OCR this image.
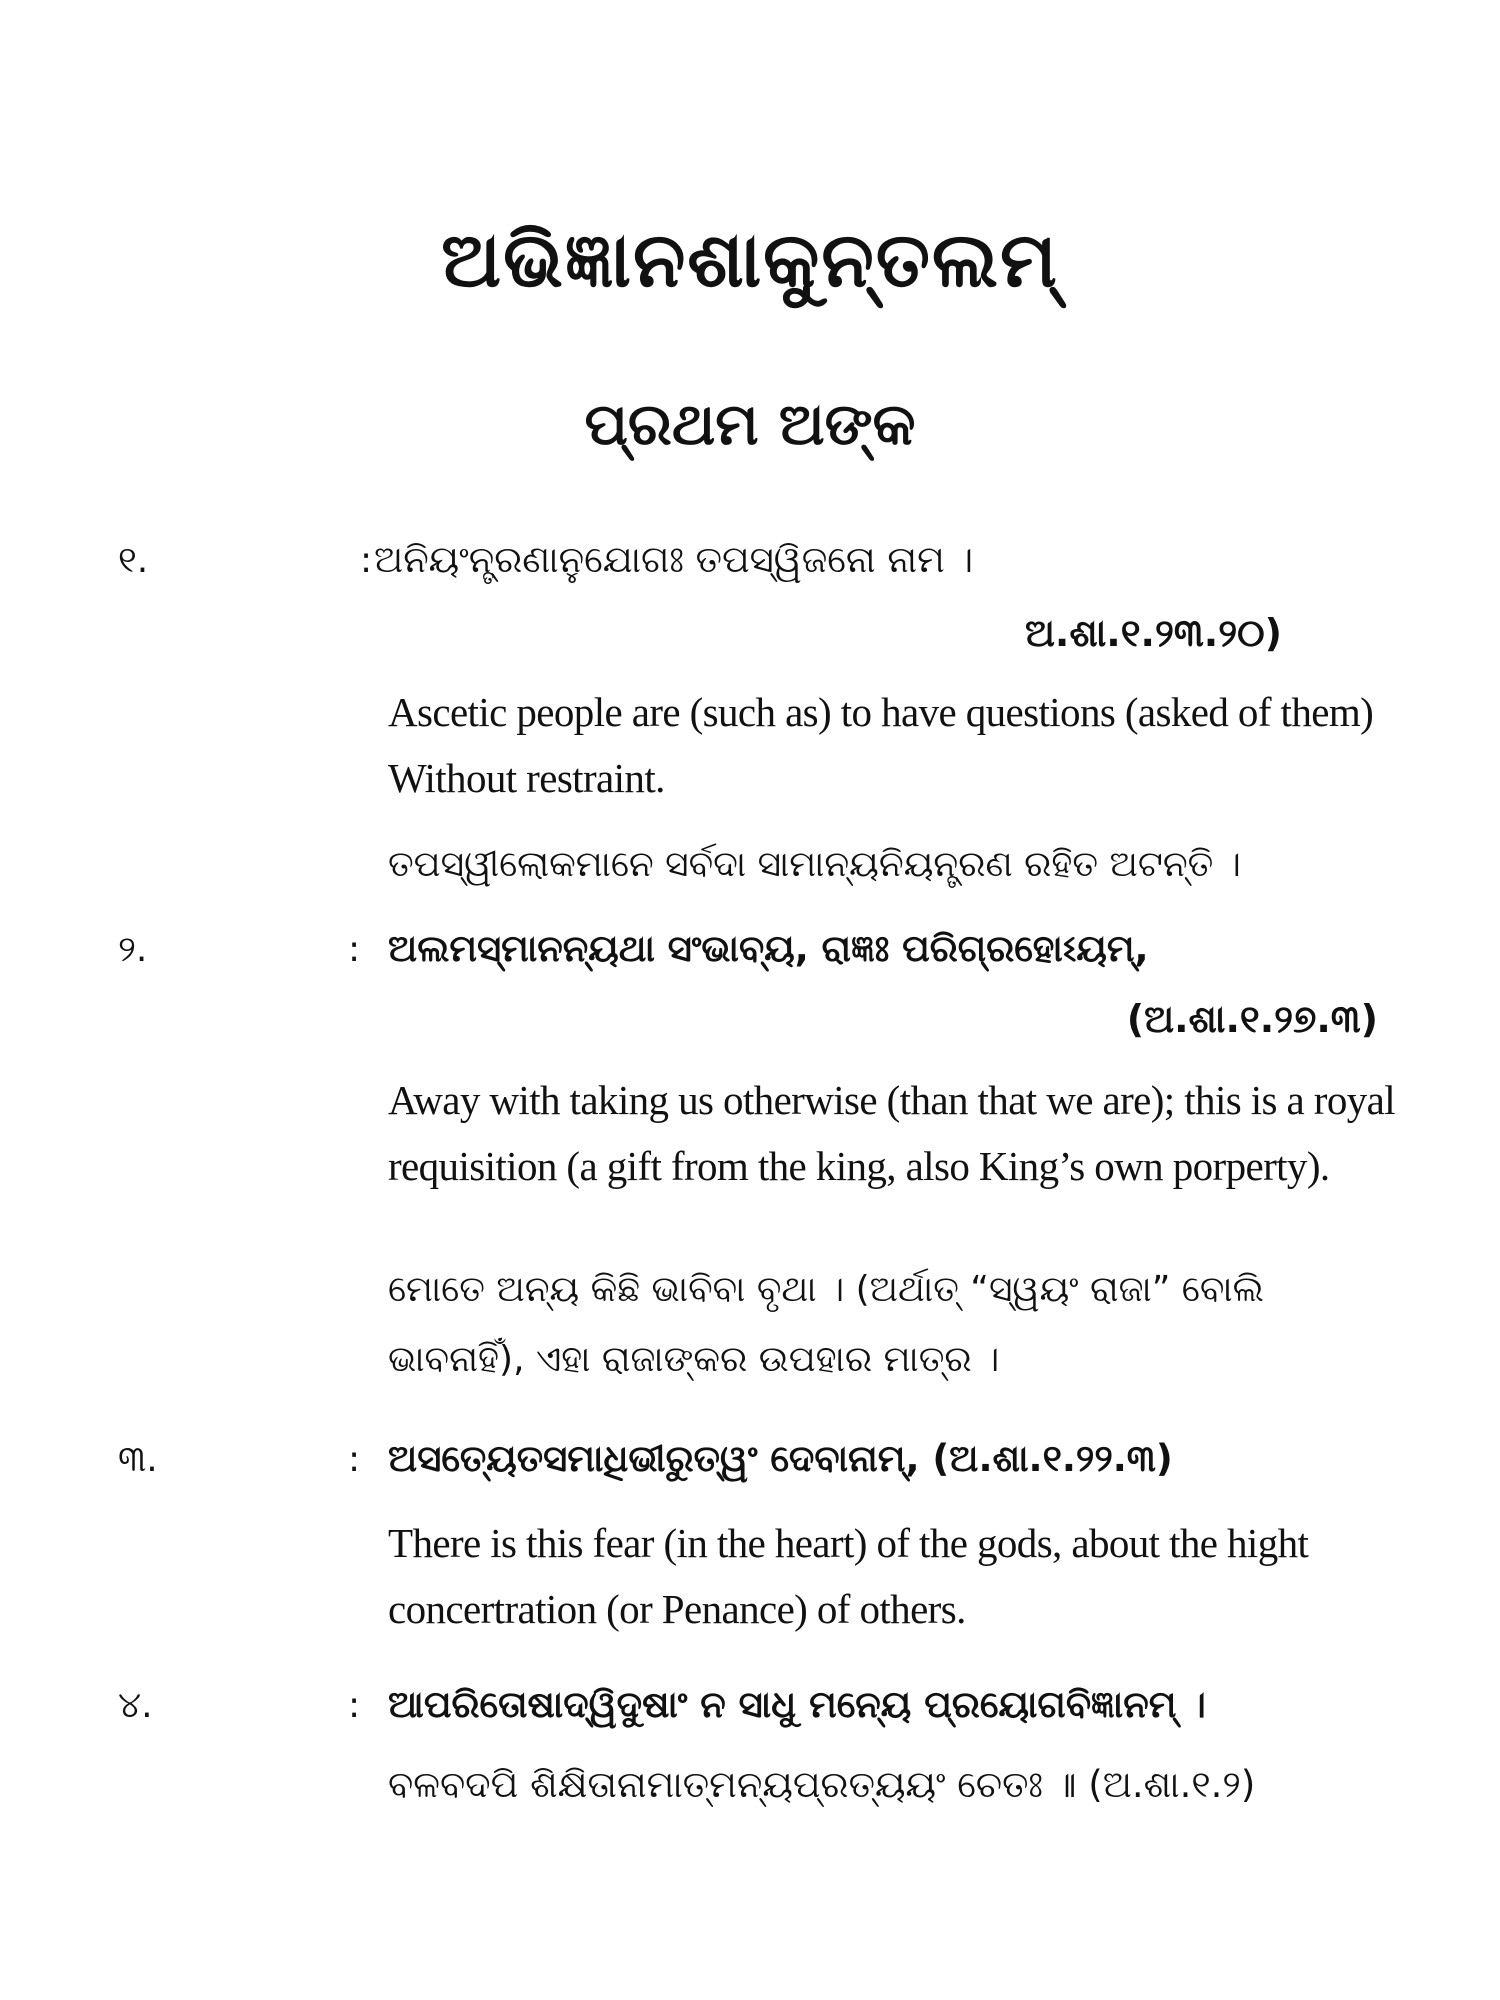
ଅଭିଜ୍ଞାନଶାକୁନ୍ତଲମ୍
ପ୍ରଥମ ଅଙ୍କ
୧.	: ଅନିୟଂନ୍ତ୍ରଣାନୁଯୋଗଃ ତପସ୍ୱିଜନୋ ନାମ ।
ଅ.ଶା.୧.୨୩.୨୦)
Ascetic people are (such as) to have questions (asked of them) Without restraint.
ତପସ୍ୱୀଲୋକମାନେ ସର୍ବଦା ସାମାନ୍ୟନିୟନ୍ତ୍ରଣ ରହିତ ଅଟନ୍ତି ।
୨.	: ଅଲମସ୍ମାନନ୍ୟଥା ସଂଭାବ୍ୟ, ରାଜ୍ଞଃ ପରିଗ୍ରହୋଽୟମ୍,
(ଅ.ଶା.୧.୨୭.୩)
Away with taking us otherwise (than that we are); this is a royal requisition (a gift from the king, also King’s own porperty).
ମୋତେ ଅନ୍ୟ କିଛି ଭାବିବା ବୃଥା । (ଅର୍ଥାତ୍ “ସ୍ୱୟଂ ରାଜା” ବୋଲି ଭାବନାହିଁ), ଏହା ରାଜାଙ୍କର ଉପହାର ମାତ୍ର ।
୩.	: ଅସତ୍ୟେତସମାଧିଭୀରୁତ୍ୱଂ ଦେବାନାମ୍, (ଅ.ଶା.୧.୨୨.୩)
There is this fear (in the heart) of the gods, about the hight concertration (or Penance) of others.
୪.	: ଆପରିତୋଷାଦ୍ୱିଦୁଷାଂ ନ ସାଧୁ ମନ୍ୟେ ପ୍ରୟୋଗବିଜ୍ଞାନମ୍ ।
ବଳବଦପି ଶିକ୍ଷିତାନାମାତ୍ମନ୍ୟପ୍ରତ୍ୟୟଂ ଚେତଃ ॥ (ଅ.ଶା.୧.୨)
